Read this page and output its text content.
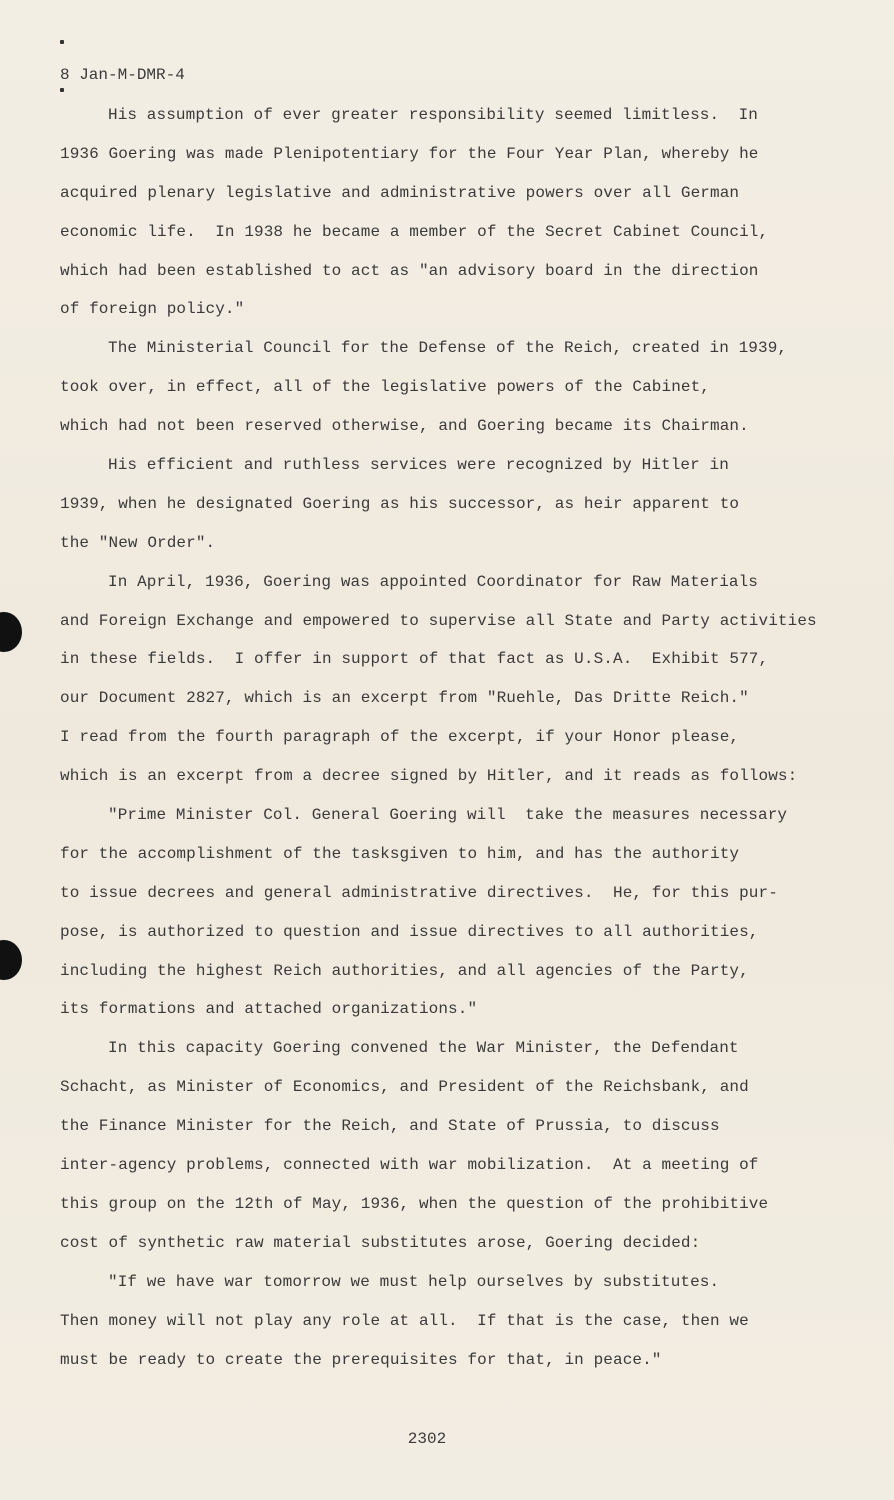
8 Jan-M-DMR-4
His assumption of ever greater responsibility seemed limitless.  In
1936 Goering was made Plenipotentiary for the Four Year Plan, whereby he
acquired plenary legislative and administrative powers over all German
economic life.  In 1938 he became a member of the Secret Cabinet Council,
which had been established to act as "an advisory board in the direction
of foreign policy."
The Ministerial Council for the Defense of the Reich, created in 1939,
took over, in effect, all of the legislative powers of the Cabinet,
which had not been reserved otherwise, and Goering became its Chairman.
His efficient and ruthless services were recognized by Hitler in
1939, when he designated Goering as his successor, as heir apparent to
the "New Order".
In April, 1936, Goering was appointed Coordinator for Raw Materials
and Foreign Exchange and empowered to supervise all State and Party activities
in these fields.  I offer in support of that fact as U.S.A.  Exhibit 577,
our Document 2827, which is an excerpt from "Ruehle, Das Dritte Reich."
I read from the fourth paragraph of the excerpt, if your Honor please,
which is an excerpt from a decree signed by Hitler, and it reads as follows:
"Prime Minister Col. General Goering will  take the measures necessary
for the accomplishment of the tasksgiven to him, and has the authority
to issue decrees and general administrative directives.  He, for this pur-
pose, is authorized to question and issue directives to all authorities,
including the highest Reich authorities, and all agencies of the Party,
its formations and attached organizations."
In this capacity Goering convened the War Minister, the Defendant
Schacht, as Minister of Economics, and President of the Reichsbank, and
the Finance Minister for the Reich, and State of Prussia, to discuss
inter-agency problems, connected with war mobilization.  At a meeting of
this group on the 12th of May, 1936, when the question of the prohibitive
cost of synthetic raw material substitutes arose, Goering decided:
"If we have war tomorrow we must help ourselves by substitutes.
Then money will not play any role at all.  If that is the case, then we
must be ready to create the prerequisites for that, in peace."
2302
